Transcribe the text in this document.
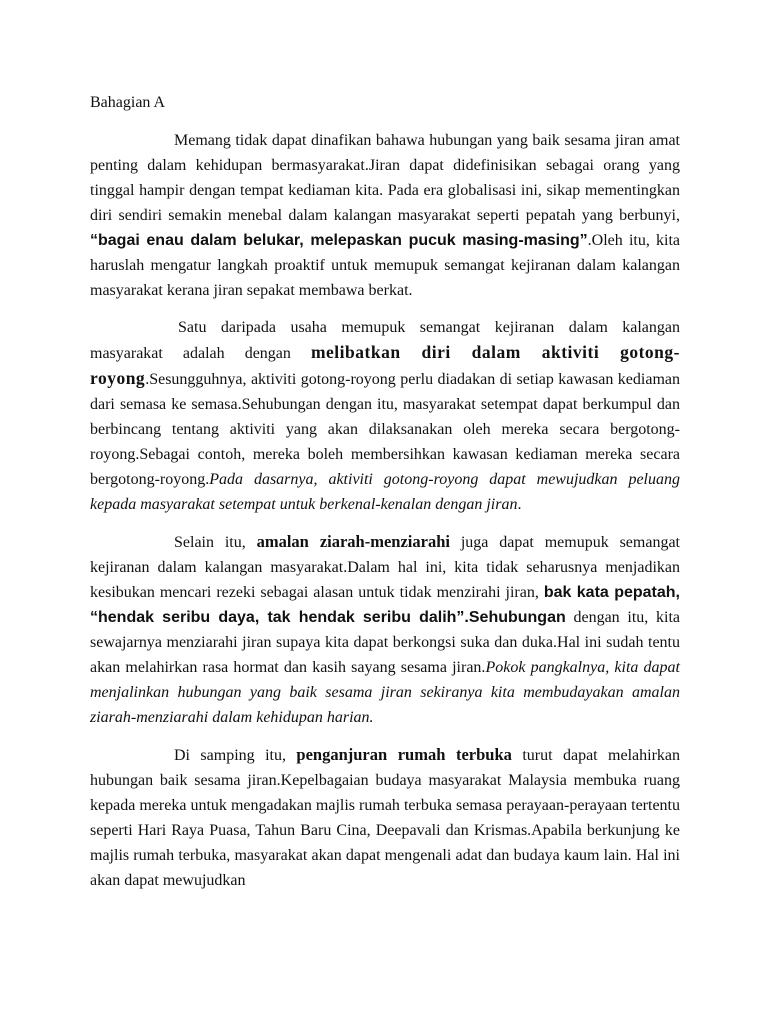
Bahagian A

Memang tidak dapat dinafikan bahawa hubungan yang baik sesama jiran amat penting dalam kehidupan bermasyarakat.Jiran dapat didefinisikan sebagai orang yang tinggal hampir dengan tempat kediaman kita. Pada era globalisasi ini, sikap mementingkan diri sendiri semakin menebal dalam kalangan masyarakat seperti pepatah yang berbunyi, “bagai enau dalam belukar, melepaskan pucuk masing-masing”.Oleh itu, kita haruslah mengatur langkah proaktif untuk memupuk semangat kejiranan dalam kalangan masyarakat kerana jiran sepakat membawa berkat.

Satu daripada usaha memupuk semangat kejiranan dalam kalangan masyarakat adalah dengan melibatkan diri dalam aktiviti gotong-royong.Sesungguhnya, aktiviti gotong-royong perlu diadakan di setiap kawasan kediaman dari semasa ke semasa.Sehubungan dengan itu, masyarakat setempat dapat berkumpul dan berbincang tentang aktiviti yang akan dilaksanakan oleh mereka secara bergotong-royong.Sebagai contoh, mereka boleh membersihkan kawasan kediaman mereka secara bergotong-royong.Pada dasarnya, aktiviti gotong-royong dapat mewujudkan peluang kepada masyarakat setempat untuk berkenal-kenalan dengan jiran.

Selain itu, amalan ziarah-menziarahi juga dapat memupuk semangat kejiranan dalam kalangan masyarakat.Dalam hal ini, kita tidak seharusnya menjadikan kesibukan mencari rezeki sebagai alasan untuk tidak menzirahi jiran, bak kata pepatah, “hendak seribu daya, tak hendak seribu dalih”.Sehubungan dengan itu, kita sewajarnya menziarahi jiran supaya kita dapat berkongsi suka dan duka.Hal ini sudah tentu akan melahirkan rasa hormat dan kasih sayang sesama jiran.Pokok pangkalnya, kita dapat menjalinkan hubungan yang baik sesama jiran sekiranya kita membudayakan amalan ziarah-menziarahi dalam kehidupan harian.

Di samping itu, penganjuran rumah terbuka turut dapat melahirkan hubungan baik sesama jiran.Kepelbagaian budaya masyarakat Malaysia membuka ruang kepada mereka untuk mengadakan majlis rumah terbuka semasa perayaan-perayaan tertentu seperti Hari Raya Puasa, Tahun Baru Cina, Deepavali dan Krismas.Apabila berkunjung ke majlis rumah terbuka, masyarakat akan dapat mengenali adat dan budaya kaum lain. Hal ini akan dapat mewujudkan
